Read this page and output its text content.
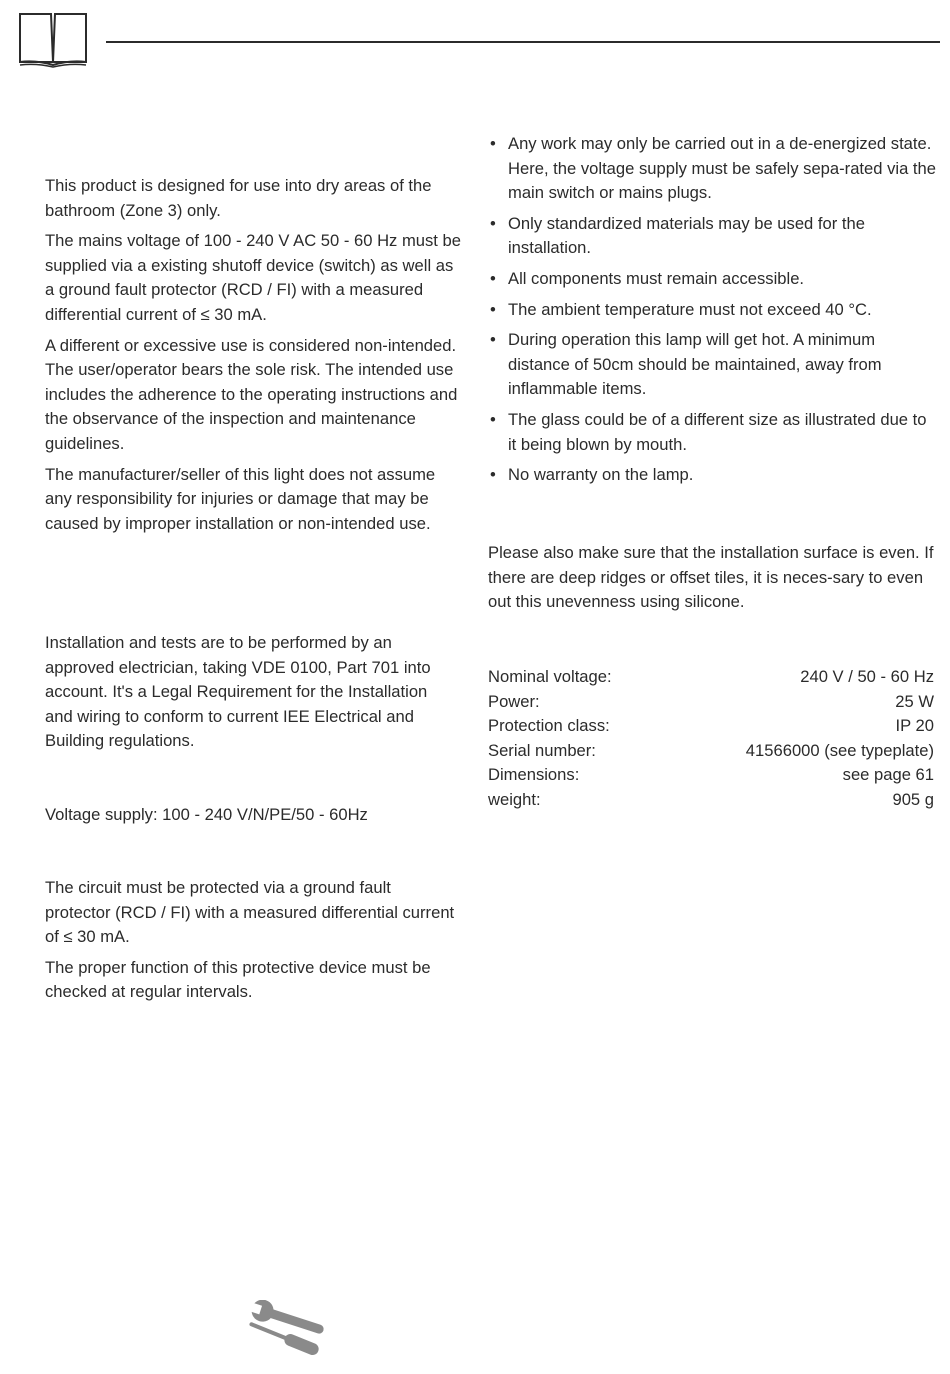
This product is designed for use into dry areas of the bathroom (Zone 3) only.

The mains voltage of 100 - 240 V AC 50 - 60 Hz must be supplied via a existing shutoff device (switch) as well as a ground fault protector (RCD / FI) with a measured differential current of ≤ 30 mA.

A different or excessive use is considered non-intended. The user/operator bears the sole risk. The intended use includes the adherence to the operating instructions and the observance of the inspection and maintenance guidelines.

The manufacturer/seller of this light does not assume any responsibility for injuries or damage that may be caused by improper installation or non-intended use.

Installation and tests are to be performed by an approved electrician, taking VDE 0100, Part 701 into account. It's a Legal Requirement for the Installation and wiring to conform to current IEE Electrical and Building regulations.

Voltage supply: 100 - 240 V/N/PE/50 - 60Hz

The circuit must be protected via a ground fault protector (RCD / FI) with a measured differential current of ≤ 30 mA.

The proper function of this protective device must be checked at regular intervals.

• Any work may only be carried out in a de-energized state. Here, the voltage supply must be safely sepa-rated via the main switch or mains plugs.
• Only standardized materials may be used for the installation.
• All components must remain accessible.
• The ambient temperature must not exceed 40 °C.
• During operation this lamp will get hot. A minimum distance of 50cm should be maintained, away from inflammable items.
• The glass could be of a different size as illustrated due to it being blown by mouth.
• No warranty on the lamp.

Please also make sure that the installation surface is even. If there are deep ridges or offset tiles, it is neces-sary to even out this unevenness using silicone.

Nominal voltage:	240 V / 50 - 60 Hz
Power:	25 W
Protection class:	IP 20
Serial number:	41566000 (see typeplate)
Dimensions:	see page 61
weight:	905 g
